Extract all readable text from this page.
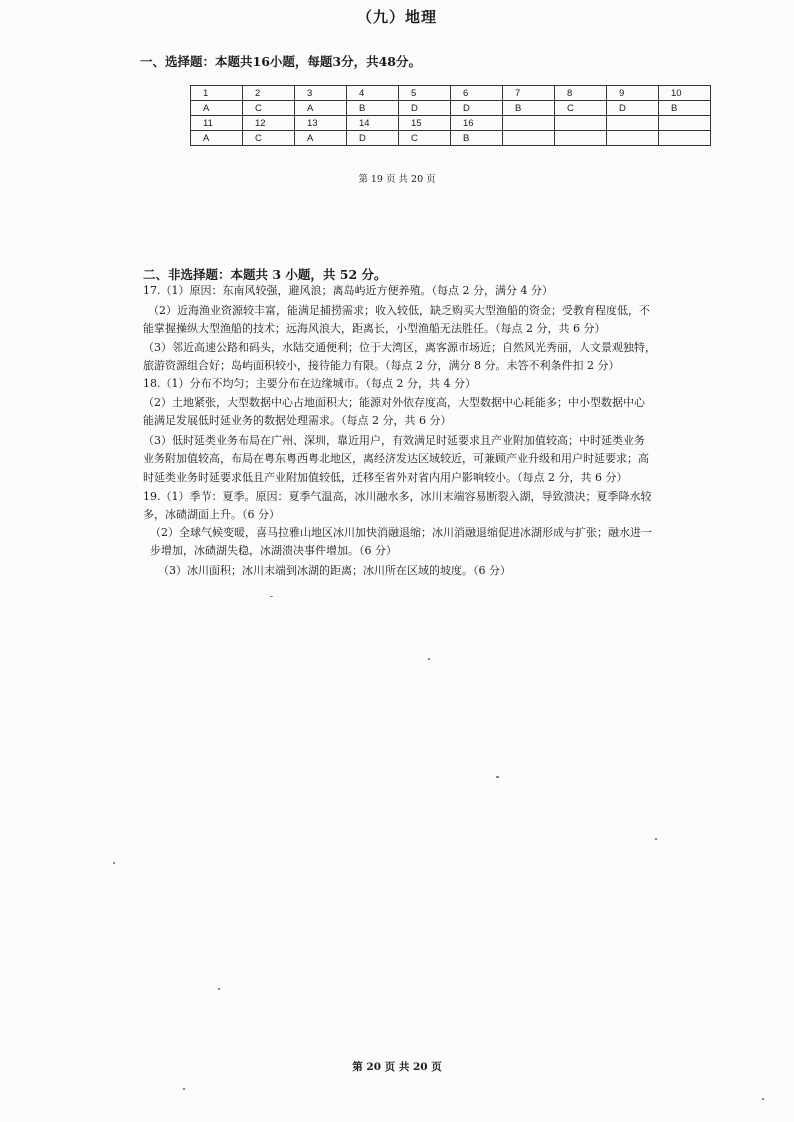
（九）地理
一、选择题：本题共16小题，每题3分，共48分。
1	2	3	4	5	6	7	8	9	10
A	C	A	B	D	D	B	C	D	B
11	12	13	14	15	16				
A	C	A	D	C	B				
第 19 页 共 20 页
二、非选择题：本题共 3 小题，共 52 分。
17.（1）原因：东南风较强，避风浪；离岛屿近方便养殖。（每点 2 分，满分 4 分）
（2）近海渔业资源较丰富，能满足捕捞需求；收入较低，缺乏购买大型渔船的资金；受教育程度低，不
能掌握操纵大型渔船的技术；远海风浪大，距离长，小型渔船无法胜任。（每点 2 分，共 6 分）
（3）邻近高速公路和码头，水陆交通便利；位于大湾区，离客源市场近；自然风光秀丽，人文景观独特，
旅游资源组合好；岛屿面积较小，接待能力有限。（每点 2 分，满分 8 分。未答不利条件扣 2 分）
18.（1）分布不均匀；主要分布在边缘城市。（每点 2 分，共 4 分）
（2）土地紧张，大型数据中心占地面积大；能源对外依存度高，大型数据中心耗能多；中小型数据中心
能满足发展低时延业务的数据处理需求。（每点 2 分，共 6 分）
（3）低时延类业务布局在广州、深圳，靠近用户，有效满足时延要求且产业附加值较高；中时延类业务
业务附加值较高，布局在粤东粤西粤北地区，离经济发达区域较近，可兼顾产业升级和用户时延要求；高
时延类业务时延要求低且产业附加值较低，迁移至省外对省内用户影响较小。（每点 2 分，共 6 分）
19.（1）季节：夏季。原因：夏季气温高，冰川融水多，冰川末端容易断裂入湖，导致溃决；夏季降水较
多，冰碛湖面上升。（6 分）
（2）全球气候变暖，喜马拉雅山地区冰川加快消融退缩；冰川消融退缩促进冰湖形成与扩张；融水进一
步增加，冰碛湖失稳，冰湖溃决事件增加。（6 分）
（3）冰川面积；冰川末端到冰湖的距离；冰川所在区域的坡度。（6 分）
第 20 页 共 20 页
